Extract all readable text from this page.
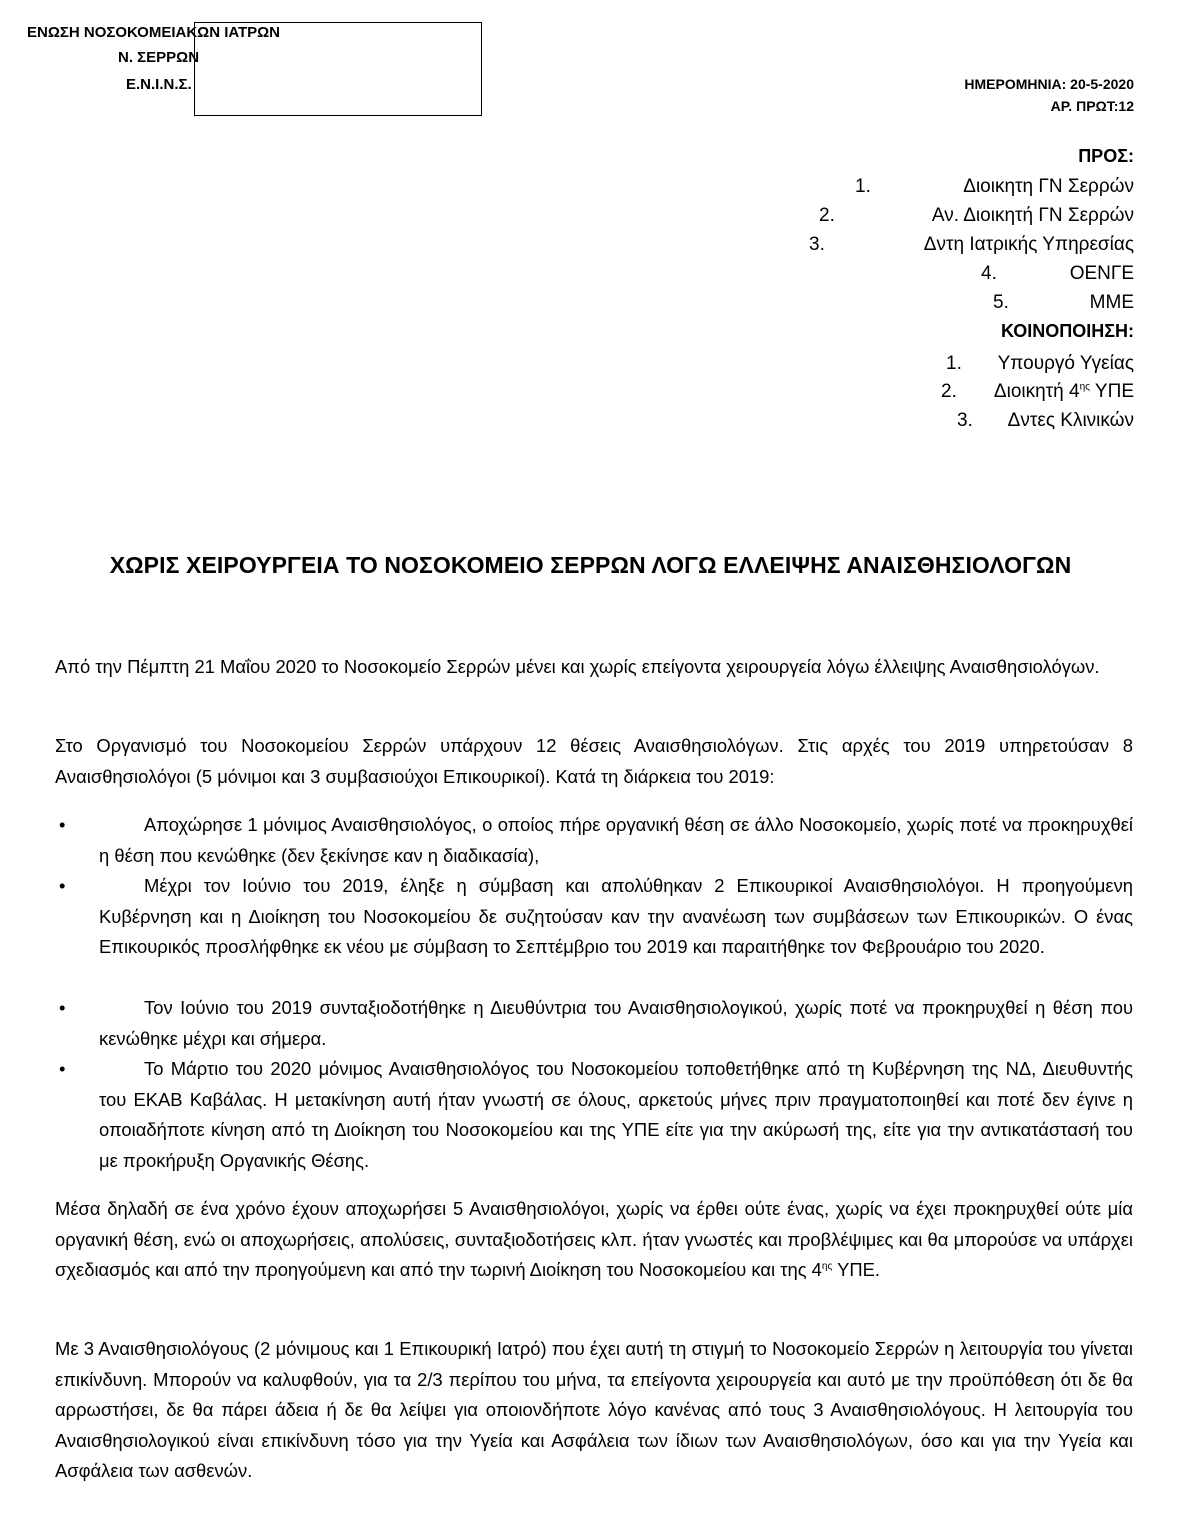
ΕΝΩΣΗ ΝΟΣΟΚΟΜΕΙΑΚΩΝ ΙΑΤΡΩΝ
Ν. ΣΕΡΡΩΝ
Ε.Ν.Ι.Ν.Σ.	ΗΜΕΡΟΜΗΝΙΑ: 20-5-2020
ΑΡ. ΠΡΩΤ:12
ΠΡΟΣ:
1.	Διοικητη ΓΝ Σερρών
2.	Αν. Διοικητή ΓΝ Σερρών
3.	Δντη Ιατρικής Υπηρεσίας
4.	ΟΕΝΓΕ
5.	ΜΜΕ
ΚΟΙΝΟΠΟΙΗΣΗ:
1. Υπουργό Υγείας
2. Διοικητή $4^{\eta\varsigma}$ ΥΠΕ
3. Δντες Κλινικών
ΧΩΡΙΣ ΧΕΙΡΟΥΡΓΕΙΑ ΤΟ ΝΟΣΟΚΟΜΕΙΟ ΣΕΡΡΩΝ ΛΟΓΩ ΕΛΛΕΙΨΗΣ ΑΝΑΙΣΘΗΣΙΟΛΟΓΩΝ
Από την Πέμπτη 21 Μαΐου 2020 το Νοσοκομείο Σερρών μένει και χωρίς επείγοντα χειρουργεία λόγω έλλειψης Αναισθησιολόγων.
Στο Οργανισμό του Νοσοκομείου Σερρών υπάρχουν 12 θέσεις Αναισθησιολόγων. Στις αρχές του 2019 υπηρετούσαν 8 Αναισθησιολόγοι (5 μόνιμοι και 3 συμβασιούχοι Επικουρικοί). Κατά τη διάρκεια του 2019:
•	Αποχώρησε 1 μόνιμος Αναισθησιολόγος, ο οποίος πήρε οργανική θέση σε άλλο Νοσοκομείο, χωρίς ποτέ να προκηρυχθεί η θέση που κενώθηκε (δεν ξεκίνησε καν η διαδικασία),
•	Μέχρι τον Ιούνιο του 2019, έληξε η σύμβαση και απολύθηκαν 2 Επικουρικοί Αναισθησιολόγοι. Η προηγούμενη Κυβέρνηση και η Διοίκηση του Νοσοκομείου δε συζητούσαν καν την ανανέωση των συμβάσεων των Επικουρικών. Ο ένας Επικουρικός προσλήφθηκε εκ νέου με σύμβαση το Σεπτέμβριο του 2019 και παραιτήθηκε τον Φεβρουάριο του 2020.
•	Τον Ιούνιο του 2019 συνταξιοδοτήθηκε η Διευθύντρια του Αναισθησιολογικού, χωρίς ποτέ να προκηρυχθεί η θέση που κενώθηκε μέχρι και σήμερα.
•	Το Μάρτιο του 2020 μόνιμος Αναισθησιολόγος του Νοσοκομείου τοποθετήθηκε από τη Κυβέρνηση της ΝΔ, Διευθυντής του ΕΚΑΒ Καβάλας. Η μετακίνηση αυτή ήταν γνωστή σε όλους, αρκετούς μήνες πριν πραγματοποιηθεί και ποτέ δεν έγινε η οποιαδήποτε κίνηση από τη Διοίκηση του Νοσοκομείου και της ΥΠΕ είτε για την ακύρωσή της, είτε για την αντικατάστασή του με προκήρυξη Οργανικής Θέσης.
Μέσα δηλαδή σε ένα χρόνο έχουν αποχωρήσει 5 Αναισθησιολόγοι, χωρίς να έρθει ούτε ένας, χωρίς να έχει προκηρυχθεί ούτε μία οργανική θέση, ενώ οι αποχωρήσεις, απολύσεις, συνταξιοδοτήσεις κλπ. ήταν γνωστές και προβλέψιμες και θα μπορούσε να υπάρχει σχεδιασμός και από την προηγούμενη και από την τωρινή Διοίκηση του Νοσοκομείου και της $4^{\eta\varsigma}$ ΥΠΕ.
Με 3 Αναισθησιολόγους (2 μόνιμους και 1 Επικουρική Ιατρό) που έχει αυτή τη στιγμή το Νοσοκομείο Σερρών η λειτουργία του γίνεται επικίνδυνη. Μπορούν να καλυφθούν, για τα 2/3 περίπου του μήνα, τα επείγοντα χειρουργεία και αυτό με την προϋπόθεση ότι δε θα αρρωστήσει, δε θα πάρει άδεια ή δε θα λείψει για οποιονδήποτε λόγο κανένας από τους 3 Αναισθησιολόγους. Η λειτουργία του Αναισθησιολογικού είναι επικίνδυνη τόσο για την Υγεία και Ασφάλεια των ίδιων των Αναισθησιολόγων, όσο και για την Υγεία και Ασφάλεια των ασθενών.
